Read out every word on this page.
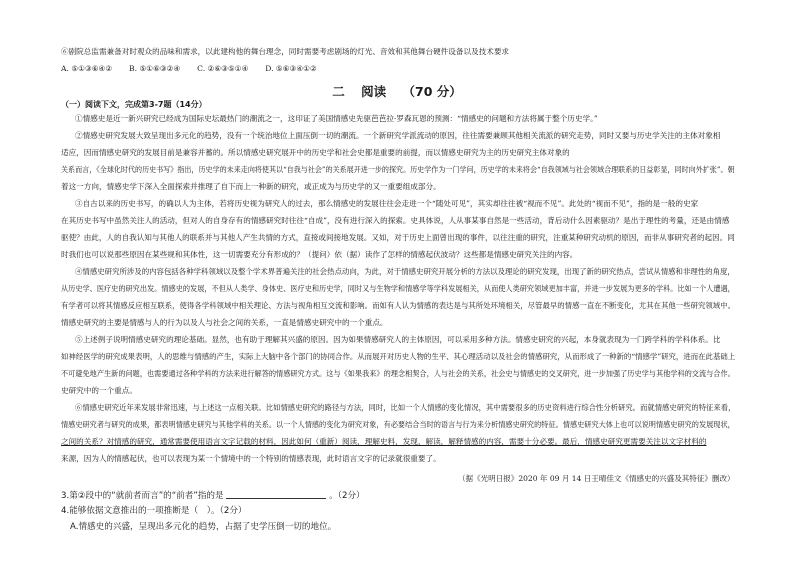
⑥剧院总监需兼备对时观众的品味和需求，以此建构他的舞台理念，同时需要考虑剧场的灯光、音效和其他舞台硬件设备以及技术要求
A. ⑤①③⑥④② B. ⑤①⑥③②④ C. ②⑥③⑤①④ D. ⑤⑥③④①②
二 阅读 （70 分）
（一）阅读下文，完成第3-7题（14分）
①情感史是近一新兴研究已经成为国际史坛最热门的潮流之一，这印证了美国情感史先驱芭芭拉·罗森瓦恩的预测：“情感史的问题和方法将属于整个历史学。”
②情感史研究发展大致呈现出多元化的趋势，没有一个统治地位上面压倒一切的潮流。一个新研究学派流动的原因，往往需要兼顾其他相关流派的研究走势，同时又要与历史学关注的主体对象相
适应，因而情感史研究的发展目前是兼容并蓄的。所以情感史研究展开中的历史学和社会史都是重要的前提，而以情感史研究为主的历史研究主体对象的
关系而言，《全球化时代的历史书写》指出，历史学的未来走向将使其以“自我与社会”的关系展开进一步的探究。历史学作为一门学问，历史学的未来将会“自我领域与社会领域合理联系的日益彰显，同时向外扩张”。朝
着这一方向，情感史学下深入全面探索并推理了自下而上一种新的研究，或正成为与历史学的又一重要组成部分。
③自古以来的历史书写，的确以人为主体，若将历史视为研究人的过去，那么情感史的发展往往会走进一个“随处可见”，其实却往往被“视而不见”。此处的“视而不见”，指的是一般的史家
在其历史书写中虽然关注人的活动，但对人的自身存有的情感研究时往往“自成”，没有进行深入的探索。史具体说，人从事某事自然是一些活动，背后动什么因素驱动？是出于理性的考量，还是由情感
驱使？由此，人的自我认知与其他人的联系并与其他人产生共情的方式，直接或间接地发展。又如，对于历史上面曾出现的事件，以往注重的研究，注重某种研究动机的原因，而非从事研究者的起因。同
时我们也可以说那些原因在某些规和其体性，这一切需要充分有形成的？（提问）依（据）读作了怎样的情感起伏波动？这些都是情感史研究关注的内容。
④情感史研究所涉及的内容包括各种学科领域以及整个学术界普遍关注的社会热点动向，为此，对于情感史研究开展分析的方法以及理论的研究发现，出现了新的研究热点，尝试从情感和非理性的角度，
从历史学、医疗史的研究出发。情感史的发展，不但从人类学、身体史、医疗史和历史学，同时又与生物学和情感学等学科发展相关，从而使人类研究领域更加丰富，并进一步发展为更多的学科。比如一个人遭遇，
有学者可以将其情感反应相互联系，使得各学科领域中相关理论、方法与视角相互交流和影响。而如有人认为情感的表达是与其所处环境相关，尽管最早的情感一直在不断变化，尤其在其他一些研究领域中。
情感史研究的主要是情感与人的行为以及人与社会之间的关系，一直是情感史研究中的一个重点。
⑤上述例子说明情感史研究的理论基础。显然，也有助于理解其兴盛的原因。因为如果情感研究人的主体原因，可以采用多种方法。情感史研究的兴起，本身就表现为一门跨学科的学科体系。比
如神经医学的研究成果表明，人的思维与情感的产生，实际上大脑中各个部门的协同合作。从而展开对历史人物的生平、其心理活动以及社会的情感研究，从而形成了一种新的“情感学”研究，进而在此基础上
不可避免地产生新的问题，也需要通过各种学科的方法来进行解答的情感研究方式。这与《如果我来》的理念相契合，人与社会的关系，社会史与情感史的交叉研究，进一步加强了历史学与其他学科的交流与合作。
史研究中的一个重点。
⑥情感史研究近年来发展非常迅速，与上述这一点相关联。比如情感史研究的路径与方法，同时，比如一个人情感的变化情况，其中需要很多的历史资料进行综合性分析研究。而就情感史研究的特征来看，
情感史研究者与研究的成果，都表明情感史研究与其他学科的关系。以一个人情感的变化为研究对象，有必要结合当时的语言与行为来分析情感史研究的特征。情感史研究大体上也可以说明情感史研究的发展现状，
之间的关系？对情感的研究，通常需要使用语言文字记载的材料，因此如何（重新）阅读，理解史料，发现，解读，解释情感的内容，需要十分必要。最后，情感史研究更需要关注以文字材料的
来源，因为人的情感起伏，也可以表现为某一个情境中的一个特别的情感表现，此时语言文字的记录就很重要了。
（据《光明日报》2020 年 09 月 14 日王晴佳文《情感史的兴盛及其特征》删改）
3.第②段中的“就前者而言”的“前者”指的是	。（2分）
4.能够依据文意推出的一项推断是（　）。（2分）
A.情感史的兴盛，呈现出多元化的趋势，占据了史学压倒一切的地位。
